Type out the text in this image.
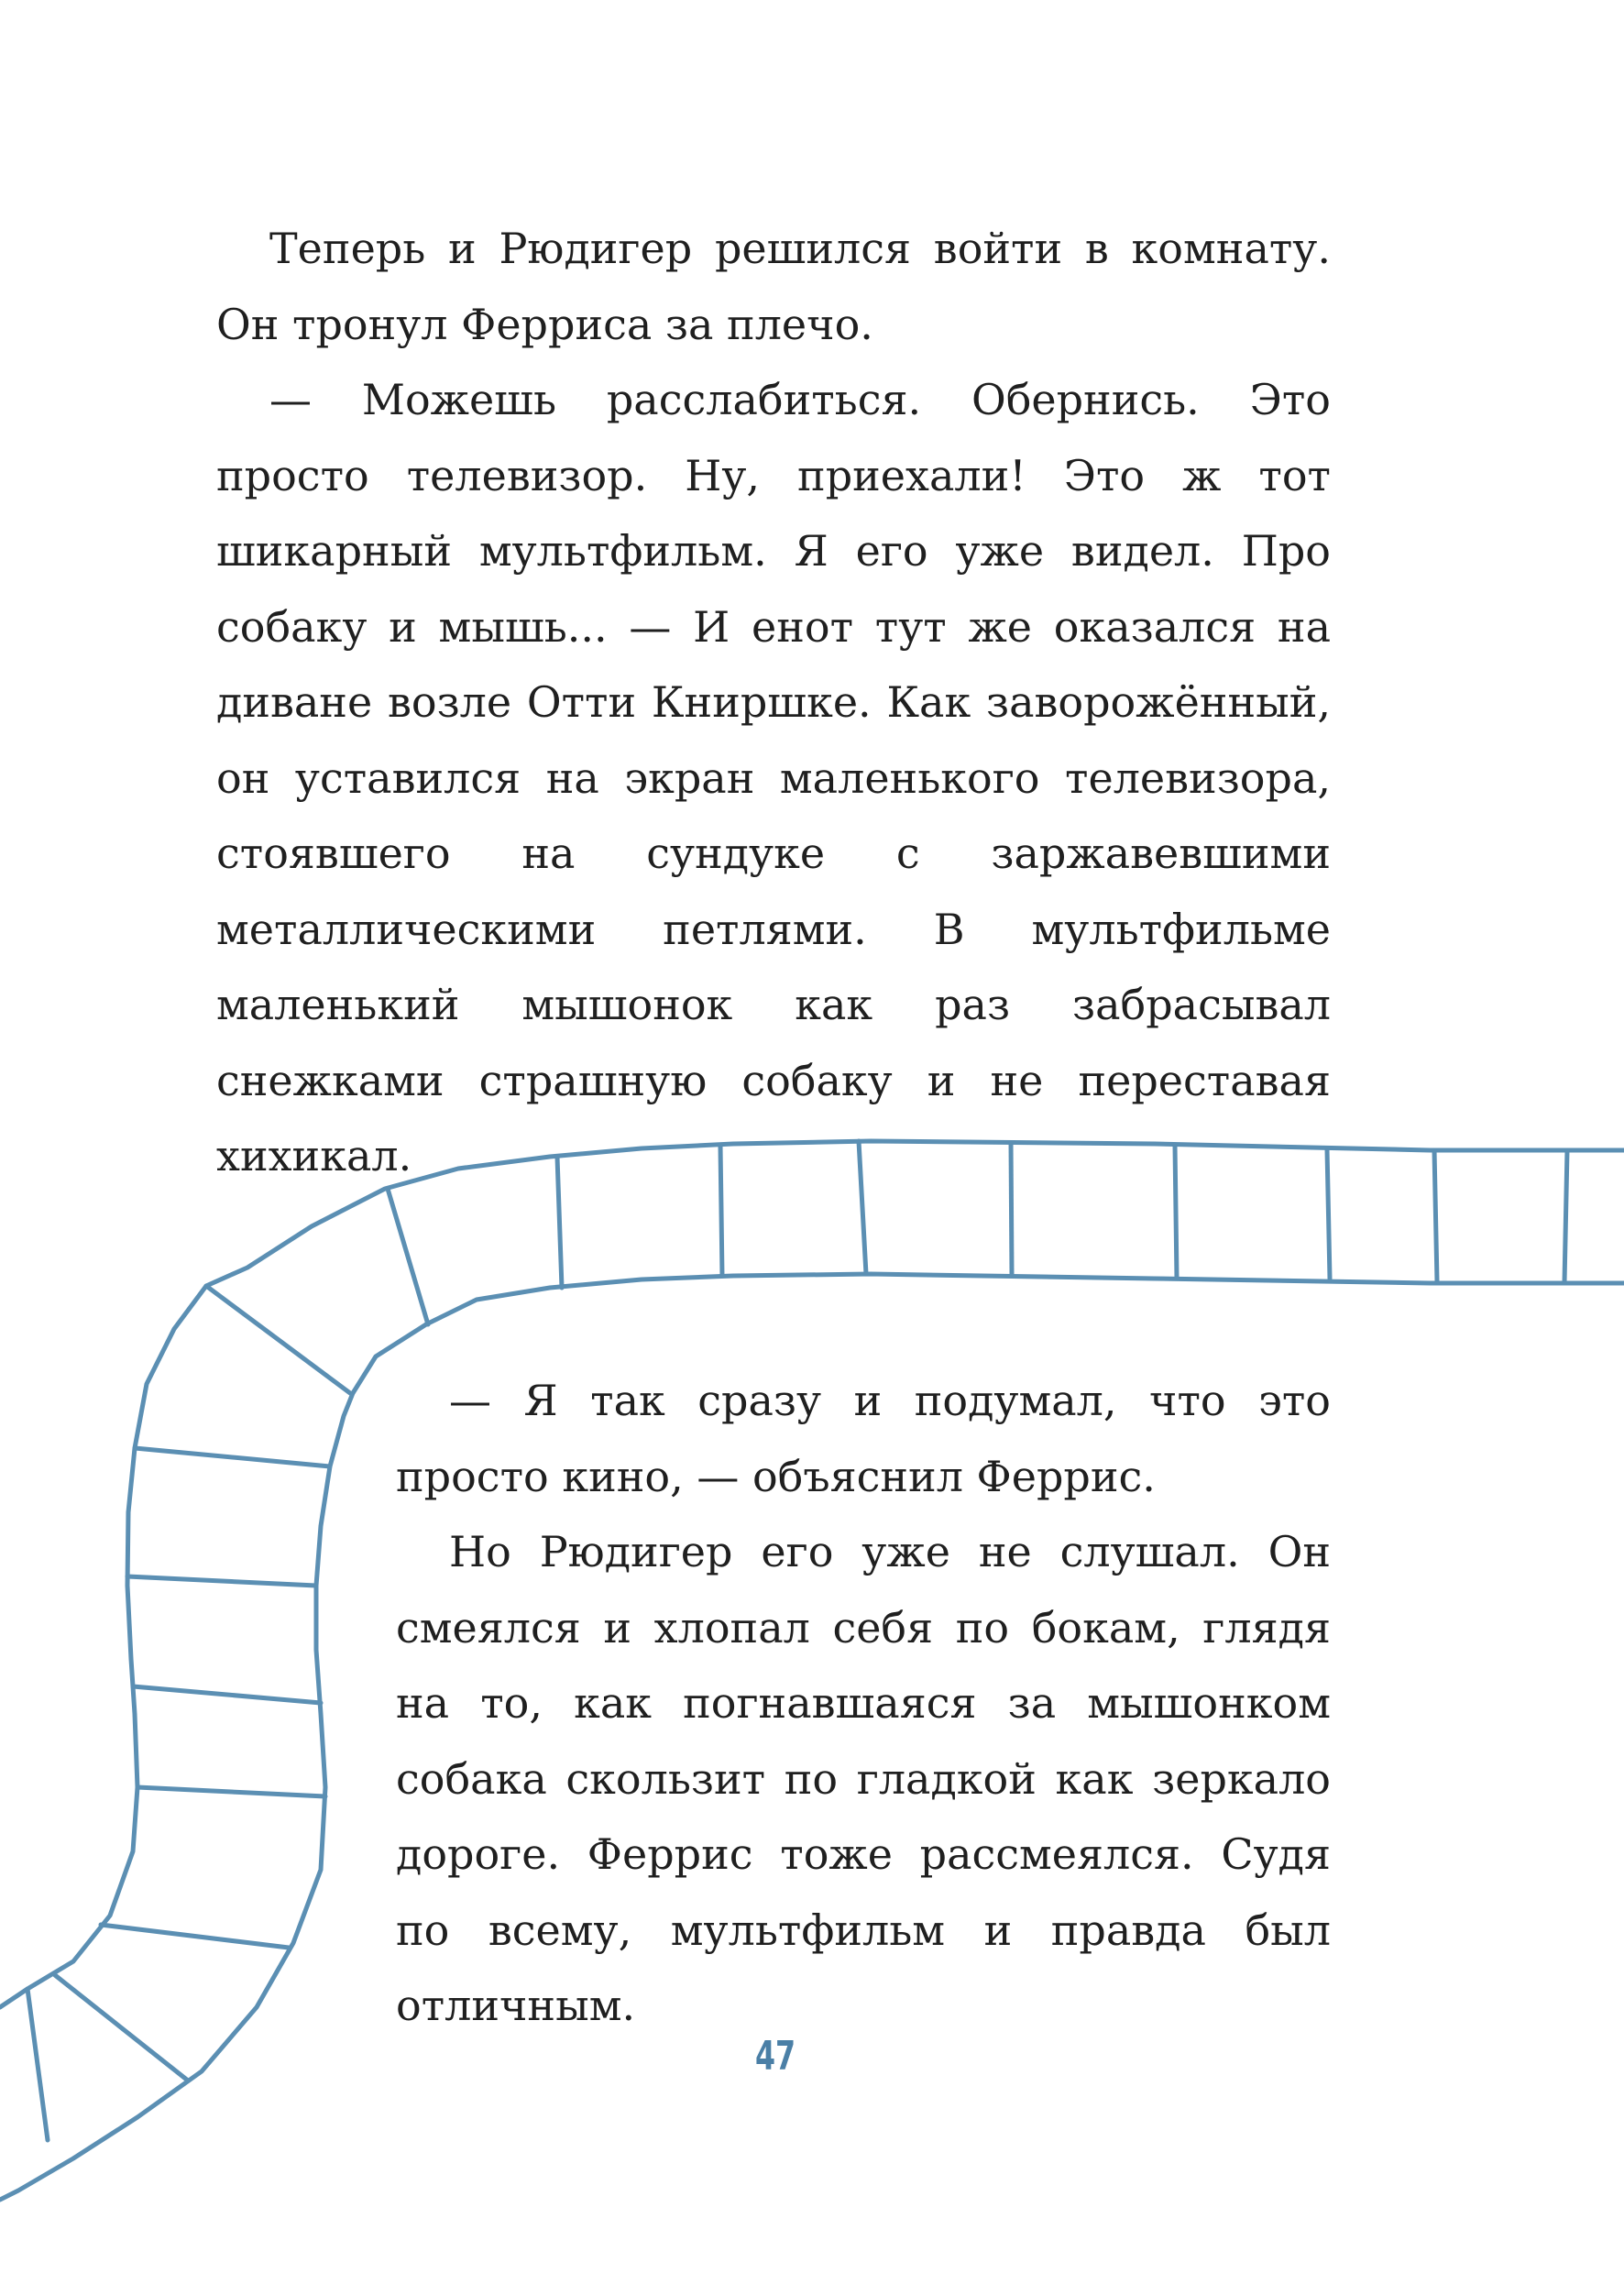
Теперь и Рюдигер решился войти в комнату. Он тронул Ферриса за плечо.

— Можешь расслабиться. Обернись. Это просто телевизор. Ну, приехали! Это ж тот шикарный мультфильм. Я его уже видел. Про собаку и мышь... — И енот тут же оказался на диване возле Отти Книршке. Как заворожённый, он уставился на экран маленького телевизора, стоявшего на сундуке с заржавевшими металлическими петлями. В мультфильме маленький мышонок как раз забрасывал снежками страшную собаку и не переставая хихикал.

— Я так сразу и подумал, что это просто кино, — объяснил Феррис.

Но Рюдигер его уже не слушал. Он смеялся и хлопал себя по бокам, глядя на то, как погнавшаяся за мышонком собака скользит по гладкой как зеркало дороге. Феррис тоже рассмеялся. Судя по всему, мультфильм и правда был отличным.

47
